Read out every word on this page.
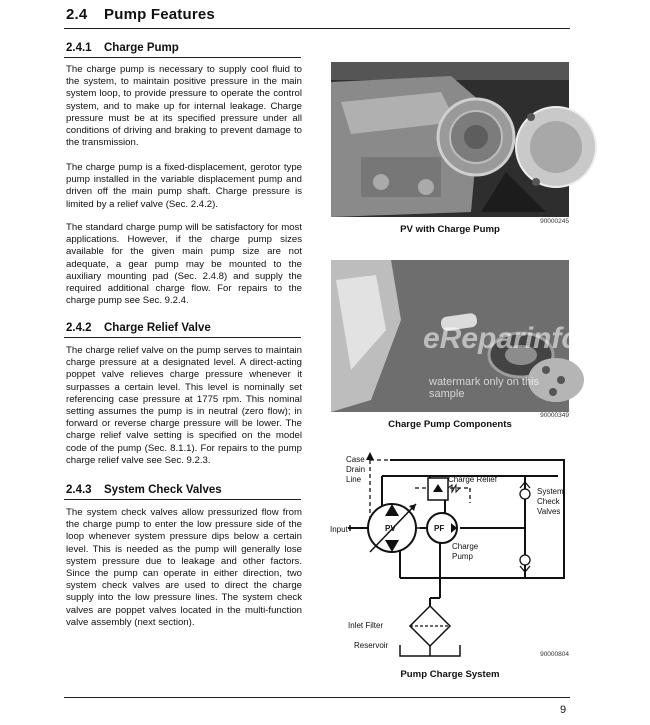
2.4 Pump Features
2.4.1 Charge Pump
The charge pump is necessary to supply cool fluid to the system, to maintain positive pressure in the main system loop, to provide pressure to operate the control system, and to make up for internal leakage. Charge pressure must be at its specified pressure under all conditions of driving and braking to prevent damage to the transmission.
The charge pump is a fixed-displacement, gerotor type pump installed in the variable displacement pump and driven off the main pump shaft. Charge pressure is limited by a relief valve (Sec. 2.4.2).
The standard charge pump will be satisfactory for most applications. However, if the charge pump sizes available for the given main pump size are not adequate, a gear pump may be mounted to the auxiliary mounting pad (Sec. 2.4.8) and supply the required additional charge flow. For repairs to the charge pump see Sec. 9.2.4.
2.4.2 Charge Relief Valve
The charge relief valve on the pump serves to maintain charge pressure at a designated level. A direct-acting poppet valve relieves charge pressure whenever it surpasses a certain level. This level is nominally set referencing case pressure at 1775 rpm. This nominal setting assumes the pump is in neutral (zero flow); in forward or reverse charge pressure will be lower. The charge relief valve setting is specified on the model code of the pump (Sec. 8.1.1). For repairs to the pump charge relief valve see Sec. 9.2.3.
2.4.3 System Check Valves
The system check valves allow pressurized flow from the charge pump to enter the low pressure side of the loop whenever system pressure dips below a certain level. This is needed as the pump will generally lose system pressure due to leakage and other factors. Since the pump can operate in either direction, two system check valves are used to direct the charge supply into the low pressure lines. The system check valves are poppet valves located in the multi-function valve assembly (next section).
90000245
PV with Charge Pump
eReparinfo.com
watermark only on this sample
90000349
Charge Pump Components
Case
Drain
Line	Charge Relief
System
Check
Valves
Input	PV	PF
Charge
Pump
Inlet Filter
Reservoir
90000804
Pump Charge System
9
